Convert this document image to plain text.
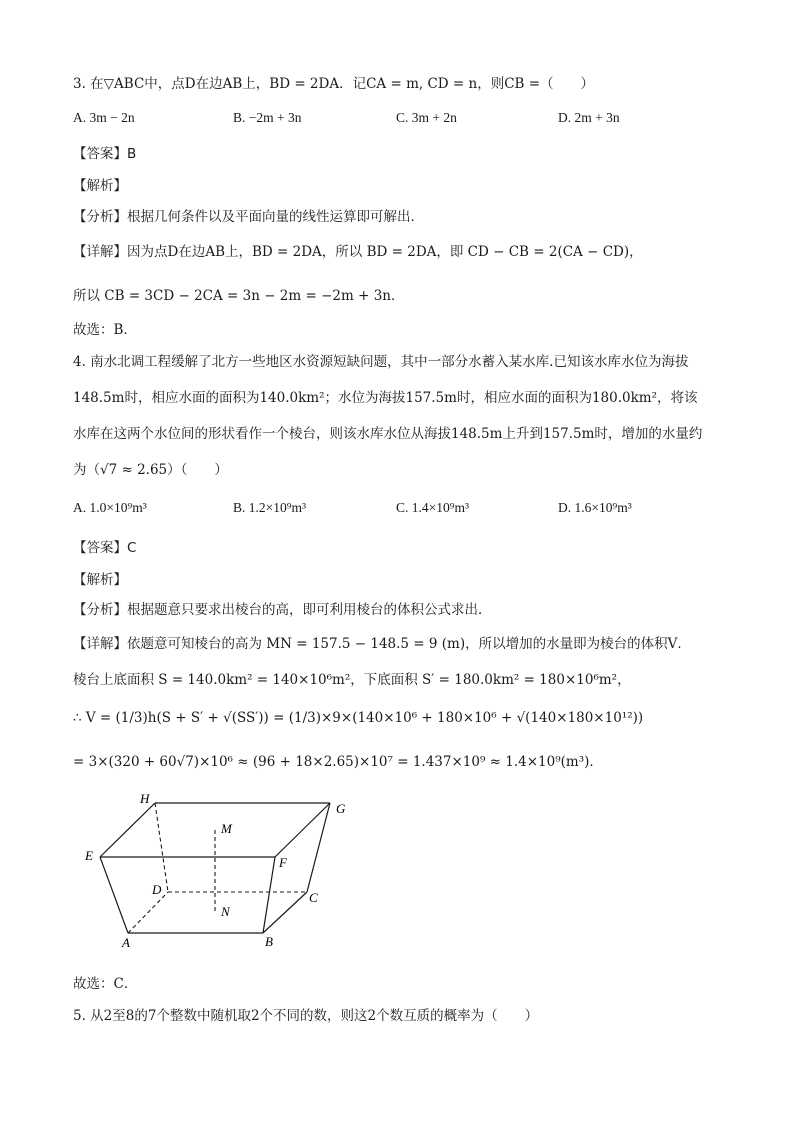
3. 在▽ABC中，点D在边AB上，BD = 2DA．记CA = m, CD = n，则CB =（　　）
A. 3m − 2n	B. −2m + 3n	C. 3m + 2n	D. 2m + 3n
【答案】B
【解析】
【分析】根据几何条件以及平面向量的线性运算即可解出．
【详解】因为点D在边AB上，BD = 2DA，所以 BD = 2DA，即 CD − CB = 2(CA − CD)，
所以 CB = 3CD − 2CA = 3n − 2m = −2m + 3n．
故选：B．
4. 南水北调工程缓解了北方一些地区水资源短缺问题，其中一部分水蓄入某水库.已知该水库水位为海拔
148.5m时，相应水面的面积为140.0km²；水位为海拔157.5m时，相应水面的面积为180.0km²，将该
水库在这两个水位间的形状看作一个棱台，则该水库水位从海拔148.5m上升到157.5m时，增加的水量约
为（√7 ≈ 2.65）（　　）
A. 1.0×10⁹m³	B. 1.2×10⁹m³	C. 1.4×10⁹m³	D. 1.6×10⁹m³
【答案】C
【解析】
【分析】根据题意只要求出棱台的高，即可利用棱台的体积公式求出．
【详解】依题意可知棱台的高为 MN = 157.5 − 148.5 = 9 (m)，所以增加的水量即为棱台的体积V．
棱台上底面积 S = 140.0km² = 140×10⁶m²，下底面积 S′ = 180.0km² = 180×10⁶m²，
∴ V = (1/3)h(S + S′ + √(SS′)) = (1/3)×9×(140×10⁶ + 180×10⁶ + √(140×180×10¹²))
= 3×(320 + 60√7)×10⁶ ≈ (96 + 18×2.65)×10⁷ = 1.437×10⁹ ≈ 1.4×10⁹(m³)．
H
G
M
E	F
D
C
N
A	B
故选：C．
5. 从2至8的7个整数中随机取2个不同的数，则这2个数互质的概率为（　　）
